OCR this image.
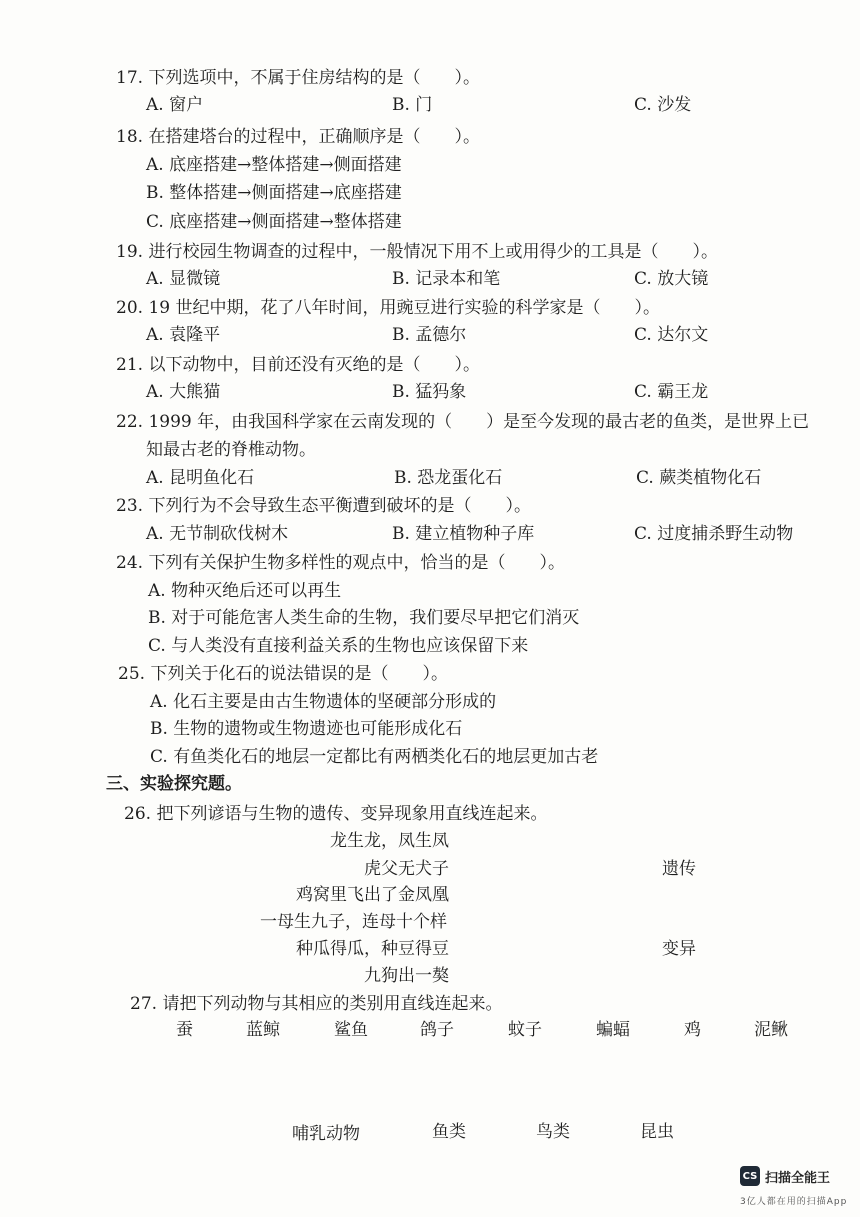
17. 下列选项中，不属于住房结构的是（　　）。
A. 窗户	B. 门	C. 沙发
18. 在搭建塔台的过程中，正确顺序是（　　）。
A. 底座搭建→整体搭建→侧面搭建
B. 整体搭建→侧面搭建→底座搭建
C. 底座搭建→侧面搭建→整体搭建
19. 进行校园生物调查的过程中，一般情况下用不上或用得少的工具是（　　）。
A. 显微镜	B. 记录本和笔	C. 放大镜
20. 19 世纪中期，花了八年时间，用豌豆进行实验的科学家是（　　）。
A. 袁隆平	B. 孟德尔	C. 达尔文
21. 以下动物中，目前还没有灭绝的是（　　）。
A. 大熊猫	B. 猛犸象	C. 霸王龙
22. 1999 年，由我国科学家在云南发现的（　　）是至今发现的最古老的鱼类，是世界上已
知最古老的脊椎动物。
A. 昆明鱼化石	B. 恐龙蛋化石	C. 蕨类植物化石
23. 下列行为不会导致生态平衡遭到破坏的是（　　）。
A. 无节制砍伐树木	B. 建立植物种子库	C. 过度捕杀野生动物
24. 下列有关保护生物多样性的观点中，恰当的是（　　）。
A. 物种灭绝后还可以再生
B. 对于可能危害人类生命的生物，我们要尽早把它们消灭
C. 与人类没有直接利益关系的生物也应该保留下来
25. 下列关于化石的说法错误的是（　　）。
A. 化石主要是由古生物遗体的坚硬部分形成的
B. 生物的遗物或生物遗迹也可能形成化石
C. 有鱼类化石的地层一定都比有两栖类化石的地层更加古老
三、实验探究题。
26. 把下列谚语与生物的遗传、变异现象用直线连起来。
龙生龙，凤生凤
虎父无犬子
鸡窝里飞出了金凤凰
一母生九子，连母十个样
种瓜得瓜，种豆得豆
九狗出一獒
遗传
变异
27. 请把下列动物与其相应的类别用直线连起来。
蚕	蓝鲸	鲨鱼	鸽子	蚊子	蝙蝠	鸡	泥鳅
哺乳动物	鱼类	鸟类	昆虫
CS 扫描全能王
3亿人都在用的扫描App
